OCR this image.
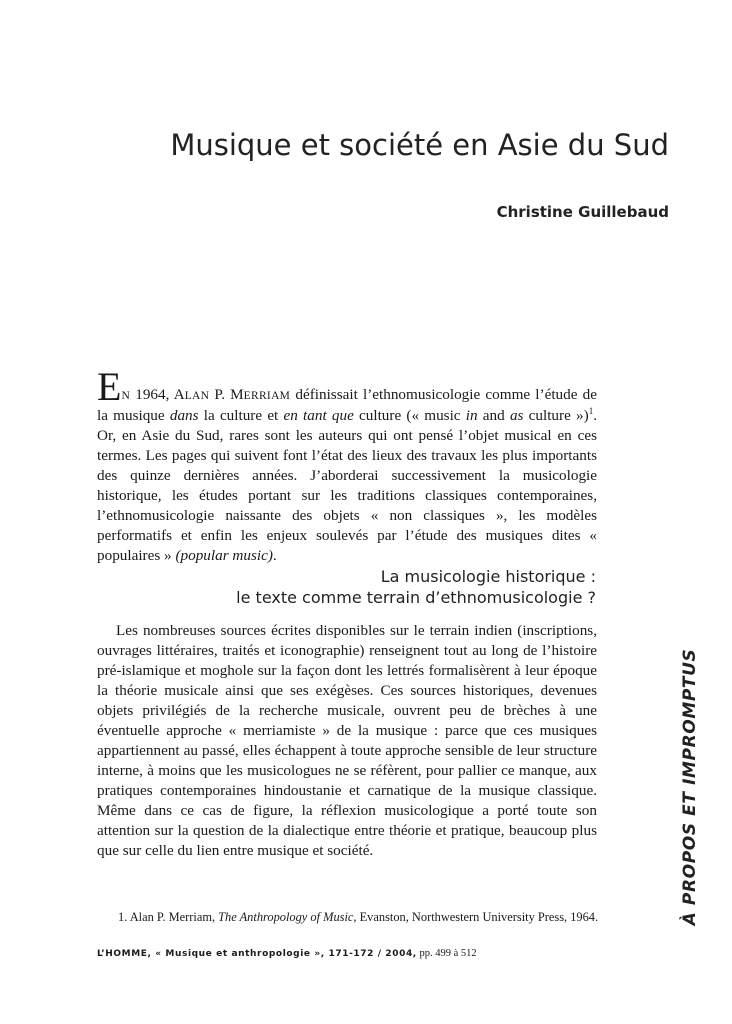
Musique et société en Asie du Sud
Christine Guillebaud

EN 1964, ALAN P. MERRIAM définissait l’ethnomusicologie comme l’étude de la musique dans la culture et en tant que culture (« music in and as culture »)$^1$. Or, en Asie du Sud, rares sont les auteurs qui ont pensé l’objet musical en ces termes. Les pages qui suivent font l’état des lieux des travaux les plus importants des quinze dernières années. J’aborderai successivement la musicologie historique, les études portant sur les traditions classiques contemporaines, l’ethnomusicologie naissante des objets « non classiques », les modèles performatifs et enfin les enjeux soulevés par l’étude des musiques dites « populaires » (popular music).

La musicologie historique :
le texte comme terrain d’ethnomusicologie ?

Les nombreuses sources écrites disponibles sur le terrain indien (inscriptions, ouvrages littéraires, traités et iconographie) renseignent tout au long de l’histoire pré-islamique et moghole sur la façon dont les lettrés formalisèrent à leur époque la théorie musicale ainsi que ses exégèses. Ces sources historiques, devenues objets privilégiés de la recherche musicale, ouvrent peu de brèches à une éventuelle approche « merriamiste » de la musique : parce que ces musiques appartiennent au passé, elles échappent à toute approche sensible de leur structure interne, à moins que les musicologues ne se réfèrent, pour pallier ce manque, aux pratiques contemporaines hindoustanie et carnatique de la musique classique. Même dans ce cas de figure, la réflexion musicologique a porté toute son attention sur la question de la dialectique entre théorie et pratique, beaucoup plus que sur celle du lien entre musique et société.

1. Alan P. Merriam, The Anthropology of Music, Evanston, Northwestern University Press, 1964.
L’HOMME, « Musique et anthropologie », 171-172 / 2004, pp. 499 à 512
À PROPOS ET IMPROMPTUS
